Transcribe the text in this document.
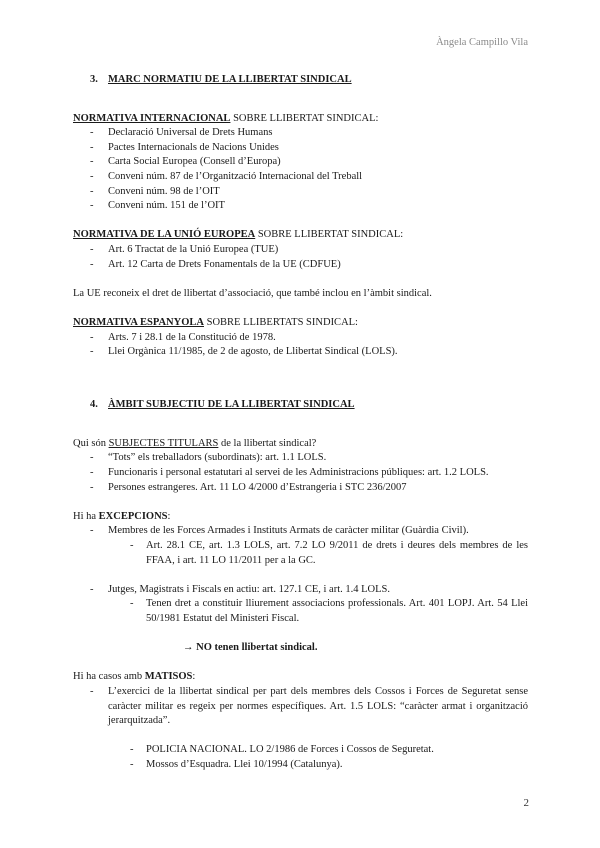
Àngela Campillo Vila
3. MARC NORMATIU DE LA LLIBERTAT SINDICAL

NORMATIVA INTERNACIONAL SOBRE LLIBERTAT SINDICAL:

- Declaració Universal de Drets Humans
- Pactes Internacionals de Nacions Unides
- Carta Social Europea (Consell d’Europa)
- Conveni núm. 87 de l’Organització Internacional del Treball
- Conveni núm. 98 de l’OIT
- Conveni núm. 151 de l’OIT

NORMATIVA DE LA UNIÓ EUROPEA SOBRE LLIBERTAT SINDICAL:

- Art. 6 Tractat de la Unió Europea (TUE)
- Art. 12 Carta de Drets Fonamentals de la UE (CDFUE)

La UE reconeix el dret de llibertat d’associació, que també inclou en l’àmbit sindical.

NORMATIVA ESPANYOLA SOBRE LLIBERTATS SINDICAL:

- Arts. 7 i 28.1 de la Constitució de 1978.
- Llei Orgànica 11/1985, de 2 de agosto, de Llibertat Sindical (LOLS).
4. ÀMBIT SUBJECTIU DE LA LLIBERTAT SINDICAL

Qui són SUBJECTES TITULARS de la llibertat sindical?

- “Tots” els treballadors (subordinats): art. 1.1 LOLS.
- Funcionaris i personal estatutari al servei de les Administracions públiques: art. 1.2 LOLS.
- Persones estrangeres. Art. 11 LO 4/2000 d’Estrangeria i STC 236/2007

Hi ha EXCEPCIONS:

- Membres de les Forces Armades i Instituts Armats de caràcter militar (Guàrdia Civil).
- Art. 28.1 CE, art. 1.3 LOLS, art. 7.2 LO 9/2011 de drets i deures dels membres de les FFAA, i art. 11 LO 11/2011 per a la GC.
- Jutges, Magistrats i Fiscals en actiu: art. 127.1 CE, i art. 1.4 LOLS.
- Tenen dret a constituir lliurement associacions professionals. Art. 401 LOPJ. Art. 54 Llei 50/1981 Estatut del Ministeri Fiscal.

→ NO tenen llibertat sindical.

Hi ha casos amb MATISOS:

- L’exercici de la llibertat sindical per part dels membres dels Cossos i Forces de Seguretat sense caràcter militar es regeix per normes específiques. Art. 1.5 LOLS: “caràcter armat i organització jerarquitzada”.
- POLICIA NACIONAL. LO 2/1986 de Forces i Cossos de Seguretat.
- Mossos d’Esquadra. Llei 10/1994 (Catalunya).
2
